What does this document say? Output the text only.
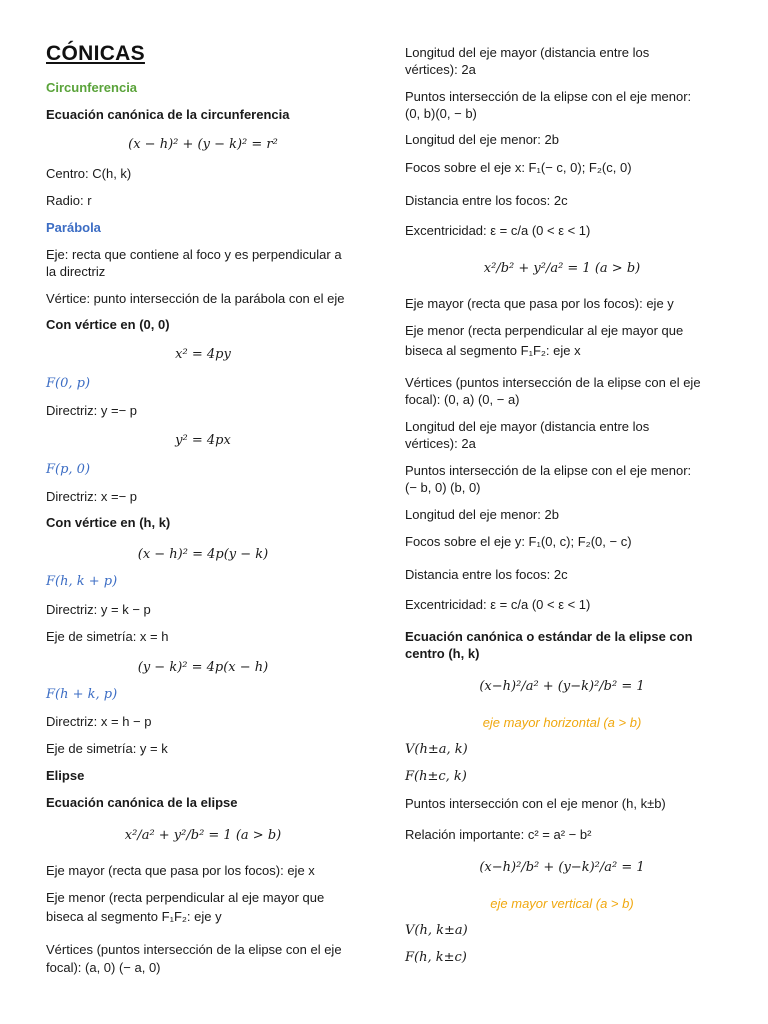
CÓNICAS

Circunferencia

Ecuación canónica de la circunferencia

(x − h)² + (y − k)² = r²

Centro: C(h, k)

Radio: r

Parábola

Eje: recta que contiene al foco y es perpendicular a

la directriz

Vértice: punto intersección de la parábola con el eje

Con vértice en (0, 0)

x² = 4py

F(0, p)

Directriz: y =− p

y² = 4px

F(p, 0)

Directriz: x =− p

Con vértice en (h, k)

(x − h)² = 4p(y − k)

F(h, k + p)

Directriz: y = k − p

Eje de simetría: x = h

(y − k)² = 4p(x − h)

F(h + k, p)

Directriz: x = h − p

Eje de simetría: y = k

Elipse

Ecuación canónica de la elipse

x²/a² + y²/b² = 1 (a > b)

Eje mayor (recta que pasa por los focos): eje x

Eje menor (recta perpendicular al eje mayor que

biseca al segmento F₁F₂: eje y

Vértices (puntos intersección de la elipse con el eje

focal): (a, 0) (− a, 0)

Longitud del eje mayor (distancia entre los

vértices): 2a

Puntos intersección de la elipse con el eje menor:

(0, b)(0, − b)

Longitud del eje menor: 2b

Focos sobre el eje x: F₁(− c, 0); F₂(c, 0)

Distancia entre los focos: 2c

Excentricidad: ε = c/a (0 < ε < 1)

x²/b² + y²/a² = 1 (a > b)

Eje mayor (recta que pasa por los focos): eje y

Eje menor (recta perpendicular al eje mayor que

biseca al segmento F₁F₂: eje x

Vértices (puntos intersección de la elipse con el eje

focal): (0, a) (0, − a)

Longitud del eje mayor (distancia entre los

vértices): 2a

Puntos intersección de la elipse con el eje menor:

(− b, 0) (b, 0)

Longitud del eje menor: 2b

Focos sobre el eje y: F₁(0, c); F₂(0, − c)

Distancia entre los focos: 2c

Excentricidad: ε = c/a (0 < ε < 1)

Ecuación canónica o estándar de la elipse con

centro (h, k)

(x−h)²/a² + (y−k)²/b² = 1

eje mayor horizontal (a > b)

V(h±a, k)

F(h±c, k)

Puntos intersección con el eje menor (h, k±b)

Relación importante: c² = a² − b²

(x−h)²/b² + (y−k)²/a² = 1

eje mayor vertical (a > b)

V(h, k±a)

F(h, k±c)
